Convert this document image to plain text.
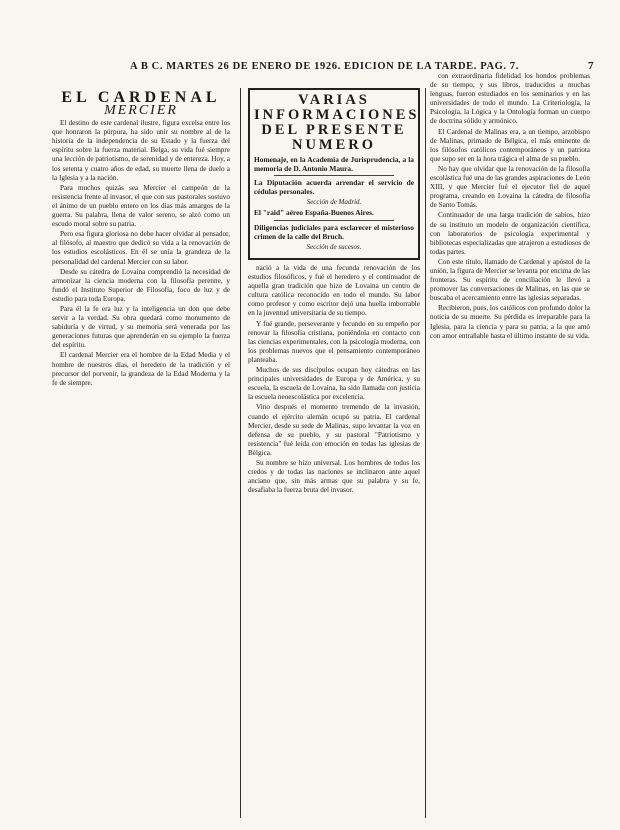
A B C. MARTES 26 DE ENERO DE 1926. EDICION DE LA TARDE. PAG. 7.	7
EL CARDENAL
MERCIER

El destino de este cardenal ilustre, figura excelsa entre los que honraron la púrpura, ha sido unir su nombre al de la historia de la independencia de su Estado y la fuerza del espíritu sobre la fuerza material. Belga, su vida fué siempre una lección de patriotismo, de serenidad y de entereza. Hoy, a los setenta y cuatro años de edad, su muerte llena de duelo a la Iglesia y a la nación.

Para muchos quizás sea Mercier el campeón de la resistencia frente al invasor, el que con sus pastorales sostuvo el ánimo de un pueblo entero en los días más amargos de la guerra. Su palabra, llena de valor sereno, se alzó como un escudo moral sobre su patria.

Pero esa figura gloriosa no debe hacer olvidar al pensador, al filósofo, al maestro que dedicó su vida a la renovación de los estudios escolásticos. En él se unía la grandeza de la personalidad del cardenal Mercier con su labor.

Desde su cátedra de Lovaina comprendió la necesidad de armonizar la ciencia moderna con la filosofía perenne, y fundó el Instituto Superior de Filosofía, foco de luz y de estudio para toda Europa.

Para él la fe era luz y la inteligencia un don que debe servir a la verdad. Su obra quedará como monumento de sabiduría y de virtud, y su memoria será venerada por las generaciones futuras que aprenderán en su ejemplo la fuerza del espíritu.

El cardenal Mercier era el hombre de la Edad Media y el hombre de nuestros días, el heredero de la tradición y el precursor del porvenir, la grandeza de la Edad Moderna y la fe de siempre.

VARIAS INFORMACIONES DEL PRESENTE NUMERO
Homenaje, en la Academia de Jurisprudencia, a la memoria de D. Antonio Maura.
La Diputación acuerda arrendar el servicio de cédulas personales.
Sección de Madrid.
El "raid" aéreo España-Buenos Aires.
Diligencias judiciales para esclarecer el misterioso crimen de la calle del Bruch.
Sección de sucesos.

nació a la vida de una fecunda renovación de los estudios filosóficos, y fué el heredero y el continuador de aquella gran tradición que hizo de Lovaina un centro de cultura católica reconocido en todo el mundo. Su labor como profesor y como escritor dejó una huella imborrable en la juventud universitaria de su tiempo.

Y fué grande, perseverante y fecundo en su empeño por renovar la filosofía cristiana, poniéndola en contacto con las ciencias experimentales, con la psicología moderna, con los problemas nuevos que el pensamiento contemporáneo planteaba.

Muchos de sus discípulos ocupan hoy cátedras en las principales universidades de Europa y de América, y su escuela, la escuela de Lovaina, ha sido llamada con justicia la escuela neoescolástica por excelencia.

Vino después el momento tremendo de la invasión, cuando el ejército alemán ocupó su patria. El cardenal Mercier, desde su sede de Malinas, supo levantar la voz en defensa de su pueblo, y su pastoral "Patriotismo y resistencia" fué leída con emoción en todas las iglesias de Bélgica.

Su nombre se hizo universal. Los hombres de todos los credos y de todas las naciones se inclinaron ante aquel anciano que, sin más armas que su palabra y su fe, desafiaba la fuerza bruta del invasor.

con extraordinaria fidelidad los hondos problemas de su tiempo, y sus libros, traducidos a muchas lenguas, fueron estudiados en los seminarios y en las universidades de todo el mundo. La Criteriología, la Psicología, la Lógica y la Ontología forman un cuerpo de doctrina sólido y armónico.

El Cardenal de Malinas era, a un tiempo, arzobispo de Malinas, primado de Bélgica, el más eminente de los filósofos católicos contemporáneos y un patriota que supo ser en la hora trágica el alma de su pueblo.

No hay que olvidar que la renovación de la filosofía escolástica fué una de las grandes aspiraciones de León XIII, y que Mercier fué el ejecutor fiel de aquel programa, creando en Lovaina la cátedra de filosofía de Santo Tomás.

Continuador de una larga tradición de sabios, hizo de su instituto un modelo de organización científica, con laboratorios de psicología experimental y bibliotecas especializadas que atrajeron a estudiosos de todas partes.

Con este título, llamado de Cardenal y apóstol de la unión, la figura de Mercier se levanta por encima de las fronteras. Su espíritu de conciliación le llevó a promover las conversaciones de Malinas, en las que se buscaba el acercamiento entre las iglesias separadas.

Recibieron, pues, los católicos con profundo dolor la noticia de su muerte. Su pérdida es irreparable para la Iglesia, para la ciencia y para su patria, a la que amó con amor entrañable hasta el último instante de su vida.
